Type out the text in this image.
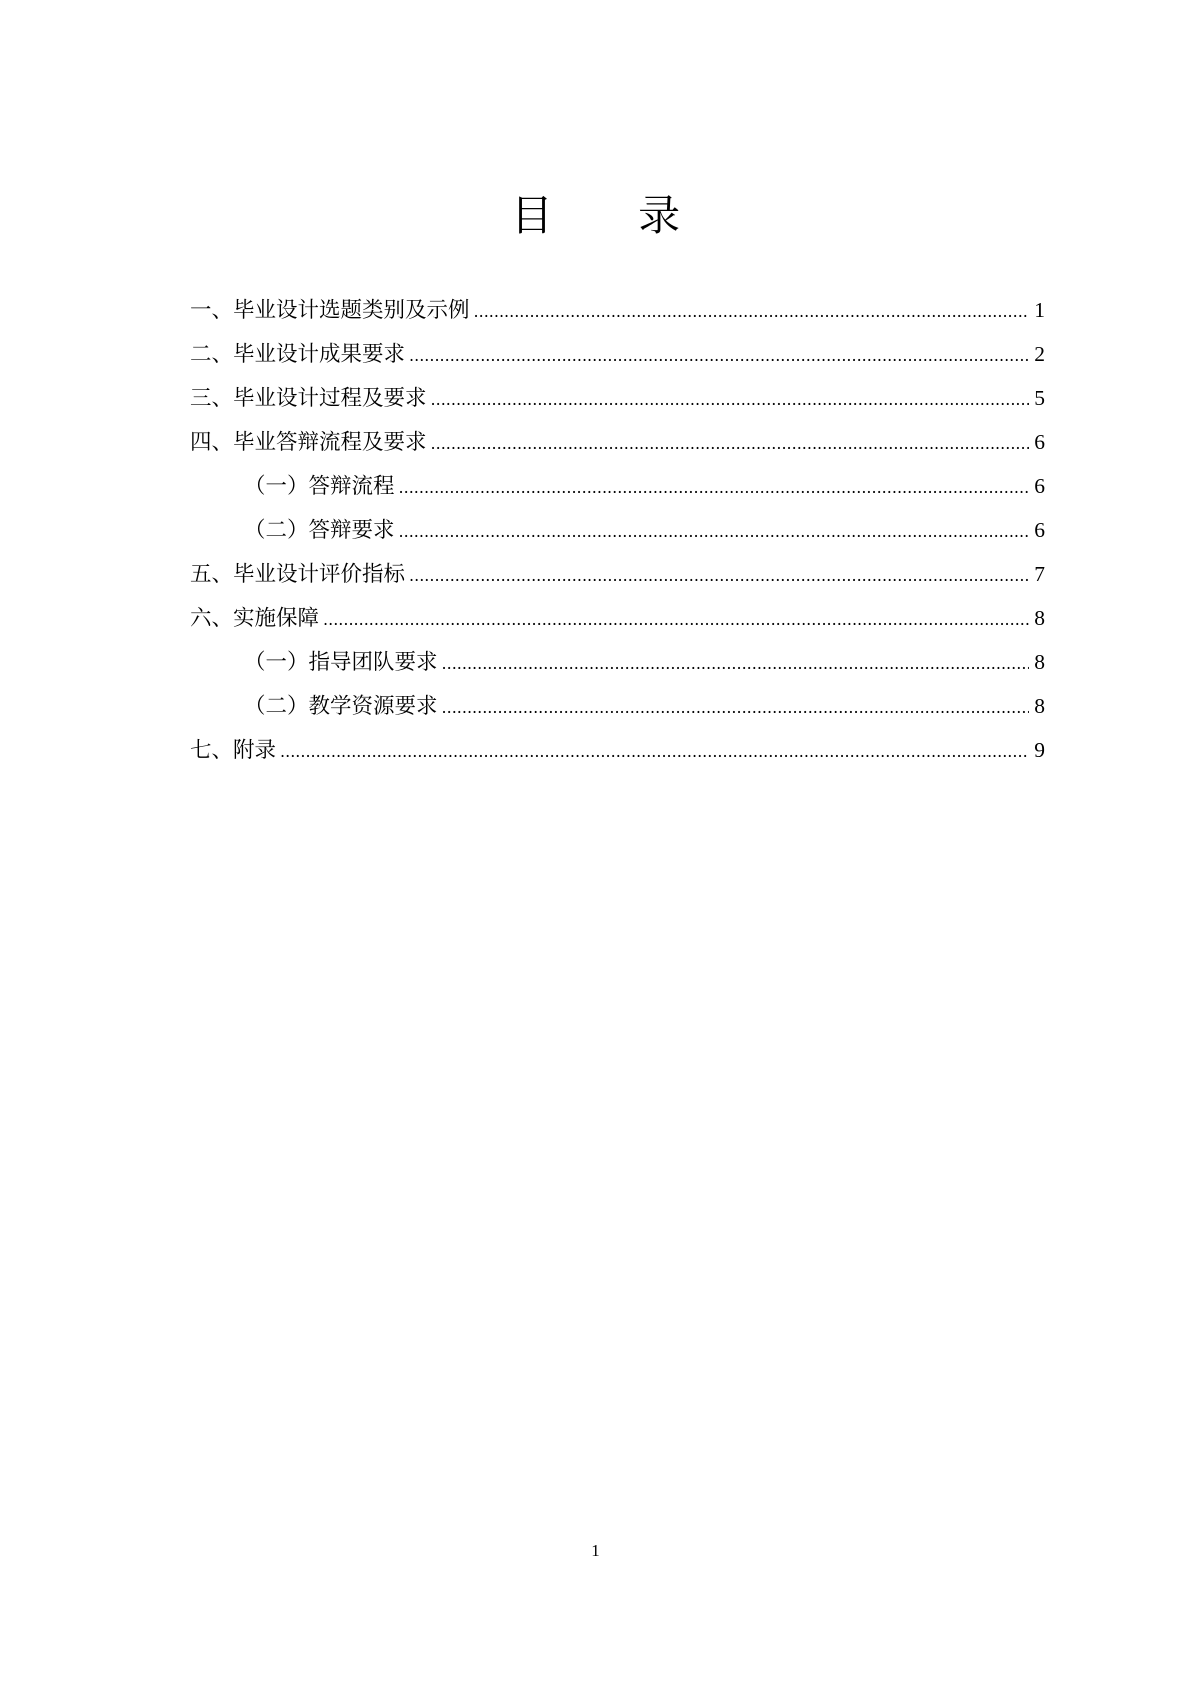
目 录
一、毕业设计选题类别及示例 .....	1
二、毕业设计成果要求 .....	2
三、毕业设计过程及要求 .....	5
四、毕业答辩流程及要求 .....	6
（一）答辩流程 .....	6
（二）答辩要求 .....	6
五、毕业设计评价指标 .....	7
六、实施保障 .....	8
（一）指导团队要求 .....	8
（二）教学资源要求 .....	8
七、附录 .....	9
1
